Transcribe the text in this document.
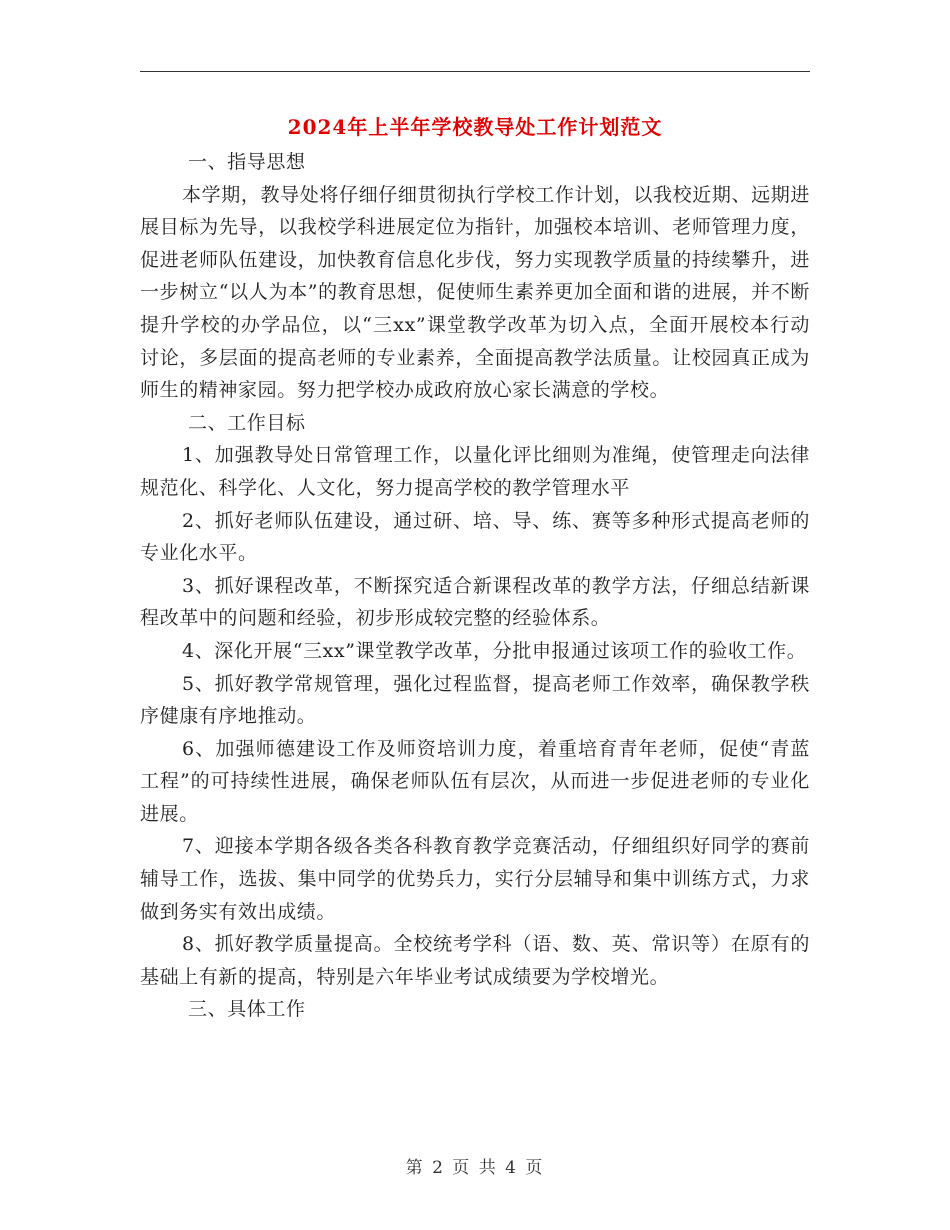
2024年上半年学校教导处工作计划范文
一、指导思想

本学期，教导处将仔细仔细贯彻执行学校工作计划，以我校近期、远期进展目标为先导，以我校学科进展定位为指针，加强校本培训、老师管理力度，促进老师队伍建设，加快教育信息化步伐，努力实现教学质量的持续攀升，进一步树立“以人为本”的教育思想，促使师生素养更加全面和谐的进展，并不断提升学校的办学品位，以“三xx”课堂教学改革为切入点，全面开展校本行动讨论，多层面的提高老师的专业素养，全面提高教学法质量。让校园真正成为师生的精神家园。努力把学校办成政府放心家长满意的学校。

二、工作目标

1、加强教导处日常管理工作，以量化评比细则为准绳，使管理走向法律规范化、科学化、人文化，努力提高学校的教学管理水平

2、抓好老师队伍建设，通过研、培、导、练、赛等多种形式提高老师的专业化水平。

3、抓好课程改革，不断探究适合新课程改革的教学方法，仔细总结新课程改革中的问题和经验，初步形成较完整的经验体系。

4、深化开展“三xx”课堂教学改革，分批申报通过该项工作的验收工作。

5、抓好教学常规管理，强化过程监督，提高老师工作效率，确保教学秩序健康有序地推动。

6、加强师德建设工作及师资培训力度，着重培育青年老师，促使“青蓝工程”的可持续性进展，确保老师队伍有层次，从而进一步促进老师的专业化进展。

7、迎接本学期各级各类各科教育教学竞赛活动，仔细组织好同学的赛前辅导工作，选拔、集中同学的优势兵力，实行分层辅导和集中训练方式，力求做到务实有效出成绩。

8、抓好教学质量提高。全校统考学科（语、数、英、常识等）在原有的基础上有新的提高，特别是六年毕业考试成绩要为学校增光。

三、具体工作
第 2 页 共 4 页
